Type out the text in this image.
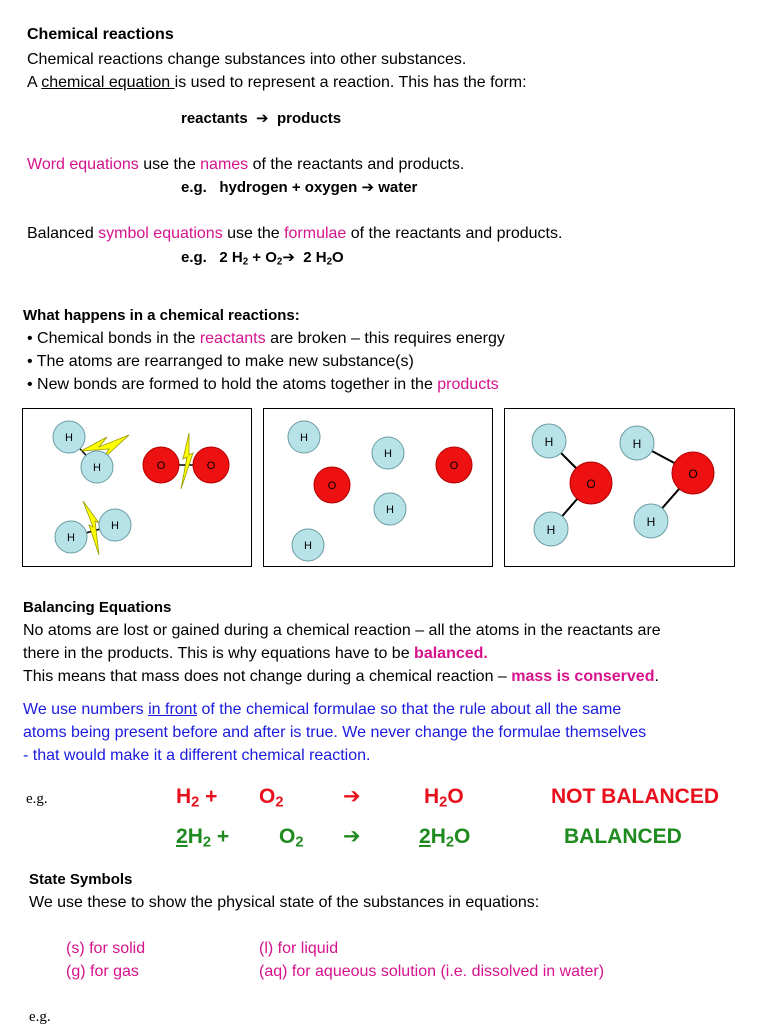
Chemical reactions
Chemical reactions change substances into other substances.
A chemical equation is used to represent a reaction. This has the form:
reactants ➔ products
Word equations use the names of the reactants and products.
e.g. hydrogen + oxygen ➔ water
Balanced symbol equations use the formulae of the reactants and products.
e.g. 2 $H_2$ + $O_2➔$ 2 $H_2O$
What happens in a chemical reactions:
• Chemical bonds in the reactants are broken – this requires energy
• The atoms are rearranged to make new substance(s)
• New bonds are formed to hold the atoms together in the products
H
H	O	O
H
H
H
H
O
O
H
H
H
O
H
H
O
H
Balancing Equations
No atoms are lost or gained during a chemical reaction – all the atoms in the reactants are
there in the products. This is why equations have to be balanced.
This means that mass does not change during a chemical reaction – mass is conserved.
We use numbers in front of the chemical formulae so that the rule about all the same
atoms being present before and after is true. We never change the formulae themselves
- that would make it a different chemical reaction.
e.g.	$H_2 + O_2$	➔	$H_2O$	NOT BALANCED
$2H_2 + O_2$ ➔	$2H_2O$	BALANCED
State Symbols
We use these to show the physical state of the substances in equations:
(s) for solid	(l) for liquid
(g) for gas	(aq) for aqueous solution (i.e. dissolved in water)
e.g.
